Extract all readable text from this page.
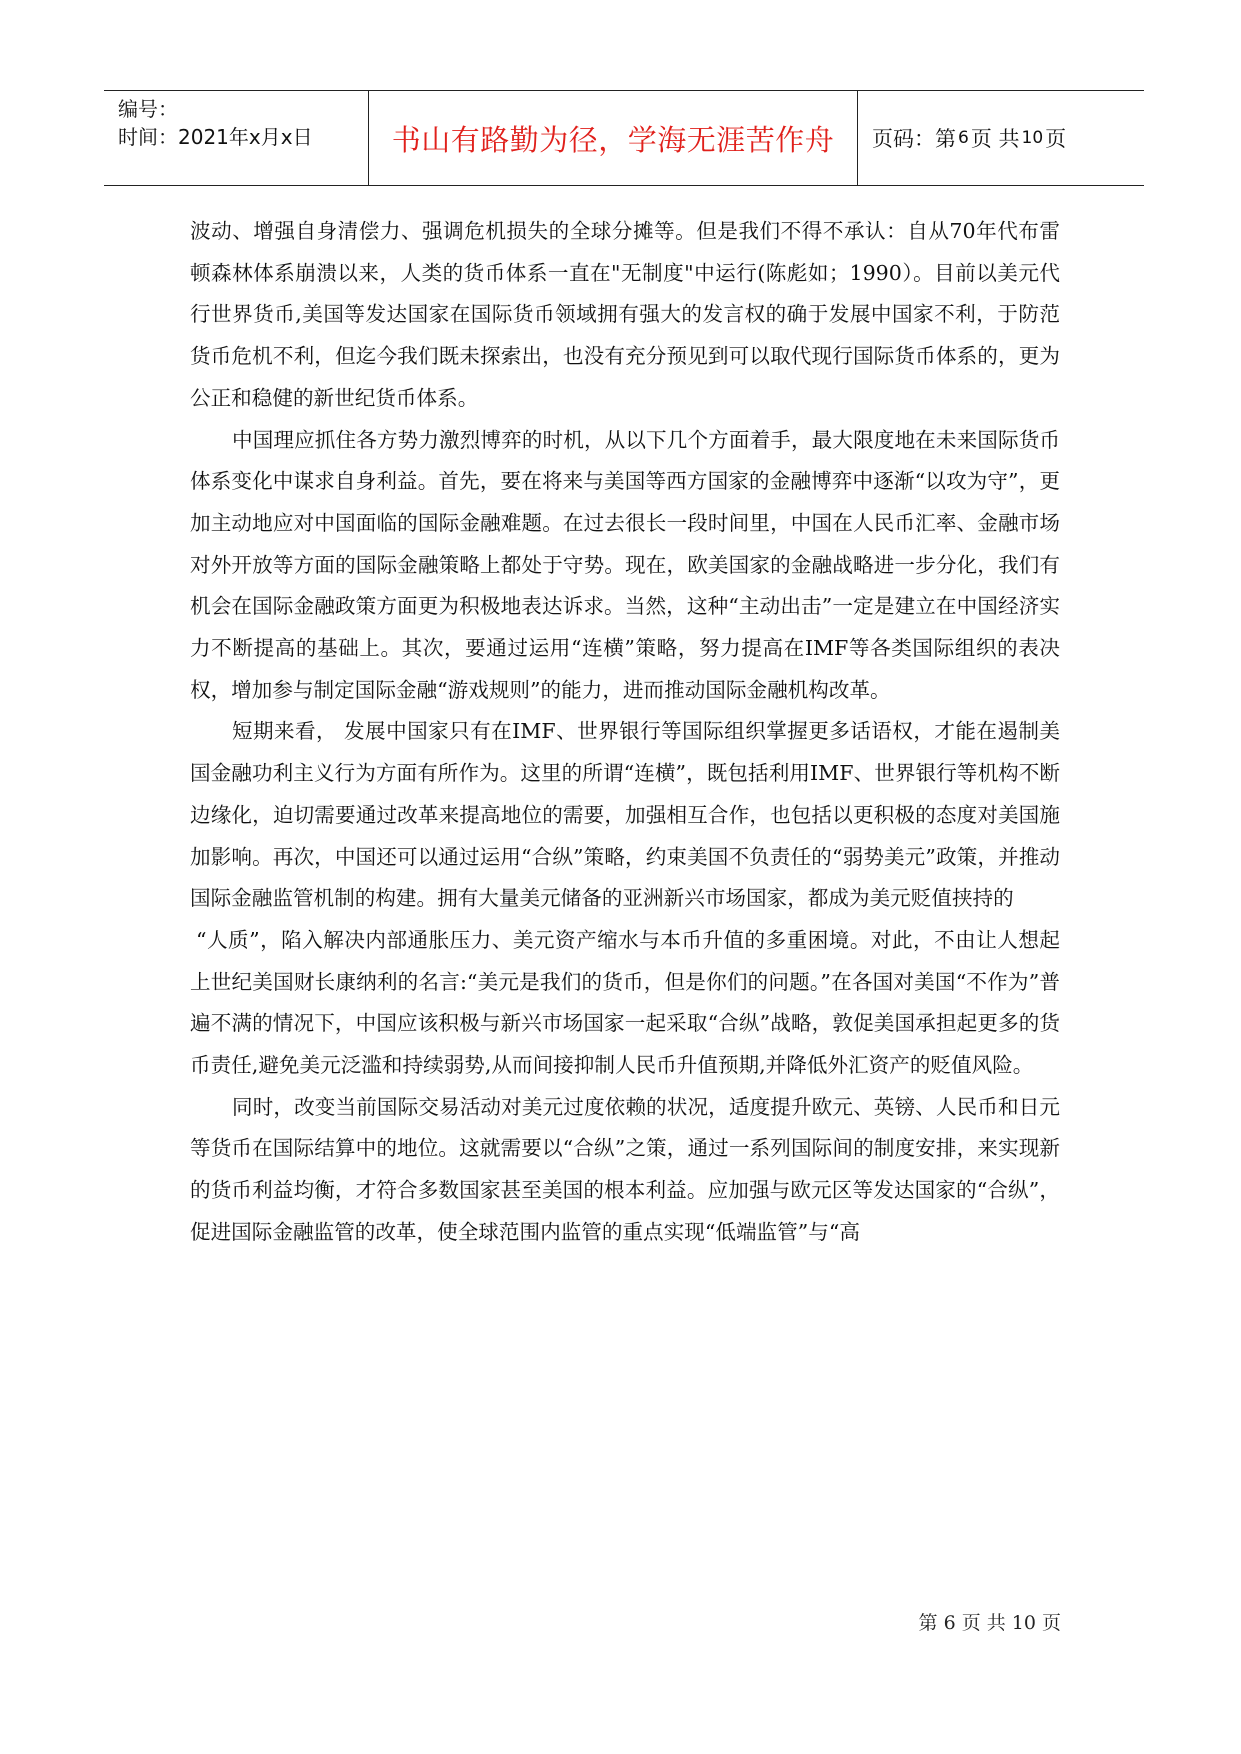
编号：
时间：2021年x月x日	书山有路勤为径，学海无涯苦作舟 页码：第 6 页 共 10 页

波动、增强自身清偿力、强调危机损失的全球分摊等。但是我们不得不承认：自从70年代布雷顿森林体系崩溃以来，人类的货币体系一直在"无制度"中运行(陈彪如；1990）。目前以美元代行世界货币,美国等发达国家在国际货币领域拥有强大的发言权的确于发展中国家不利，于防范货币危机不利，但迄今我们既未探索出，也没有充分预见到可以取代现行国际货币体系的，更为公正和稳健的新世纪货币体系。

中国理应抓住各方势力激烈博弈的时机，从以下几个方面着手，最大限度地在未来国际货币体系变化中谋求自身利益。首先，要在将来与美国等西方国家的金融博弈中逐渐“以攻为守”，更加主动地应对中国面临的国际金融难题。在过去很长一段时间里，中国在人民币汇率、金融市场对外开放等方面的国际金融策略上都处于守势。现在，欧美国家的金融战略进一步分化，我们有机会在国际金融政策方面更为积极地表达诉求。当然，这种“主动出击”一定是建立在中国经济实力不断提高的基础上。其次，要通过运用“连横”策略，努力提高在IMF等各类国际组织的表决权，增加参与制定国际金融“游戏规则”的能力，进而推动国际金融机构改革。

短期来看， 发展中国家只有在IMF、世界银行等国际组织掌握更多话语权，才能在遏制美国金融功利主义行为方面有所作为。这里的所谓“连横”，既包括利用IMF、世界银行等机构不断边缘化，迫切需要通过改革来提高地位的需要，加强相互合作，也包括以更积极的态度对美国施加影响。再次，中国还可以通过运用“合纵”策略，约束美国不负责任的“弱势美元”政策，并推动国际金融监管机制的构建。拥有大量美元储备的亚洲新兴市场国家，都成为美元贬值挟持的

“人质”，陷入解决内部通胀压力、美元资产缩水与本币升值的多重困境。对此，不由让人想起上世纪美国财长康纳利的名言:“美元是我们的货币，但是你们的问题。”在各国对美国“不作为”普遍不满的情况下，中国应该积极与新兴市场国家一起采取“合纵”战略，敦促美国承担起更多的货币责任,避免美元泛滥和持续弱势,从而间接抑制人民币升值预期,并降低外汇资产的贬值风险。

同时，改变当前国际交易活动对美元过度依赖的状况，适度提升欧元、英镑、人民币和日元等货币在国际结算中的地位。这就需要以“合纵”之策，通过一系列国际间的制度安排，来实现新的货币利益均衡，才符合多数国家甚至美国的根本利益。应加强与欧元区等发达国家的“合纵”，促进国际金融监管的改革，使全球范围内监管的重点实现“低端监管”与“高

第 6 页 共 10 页
